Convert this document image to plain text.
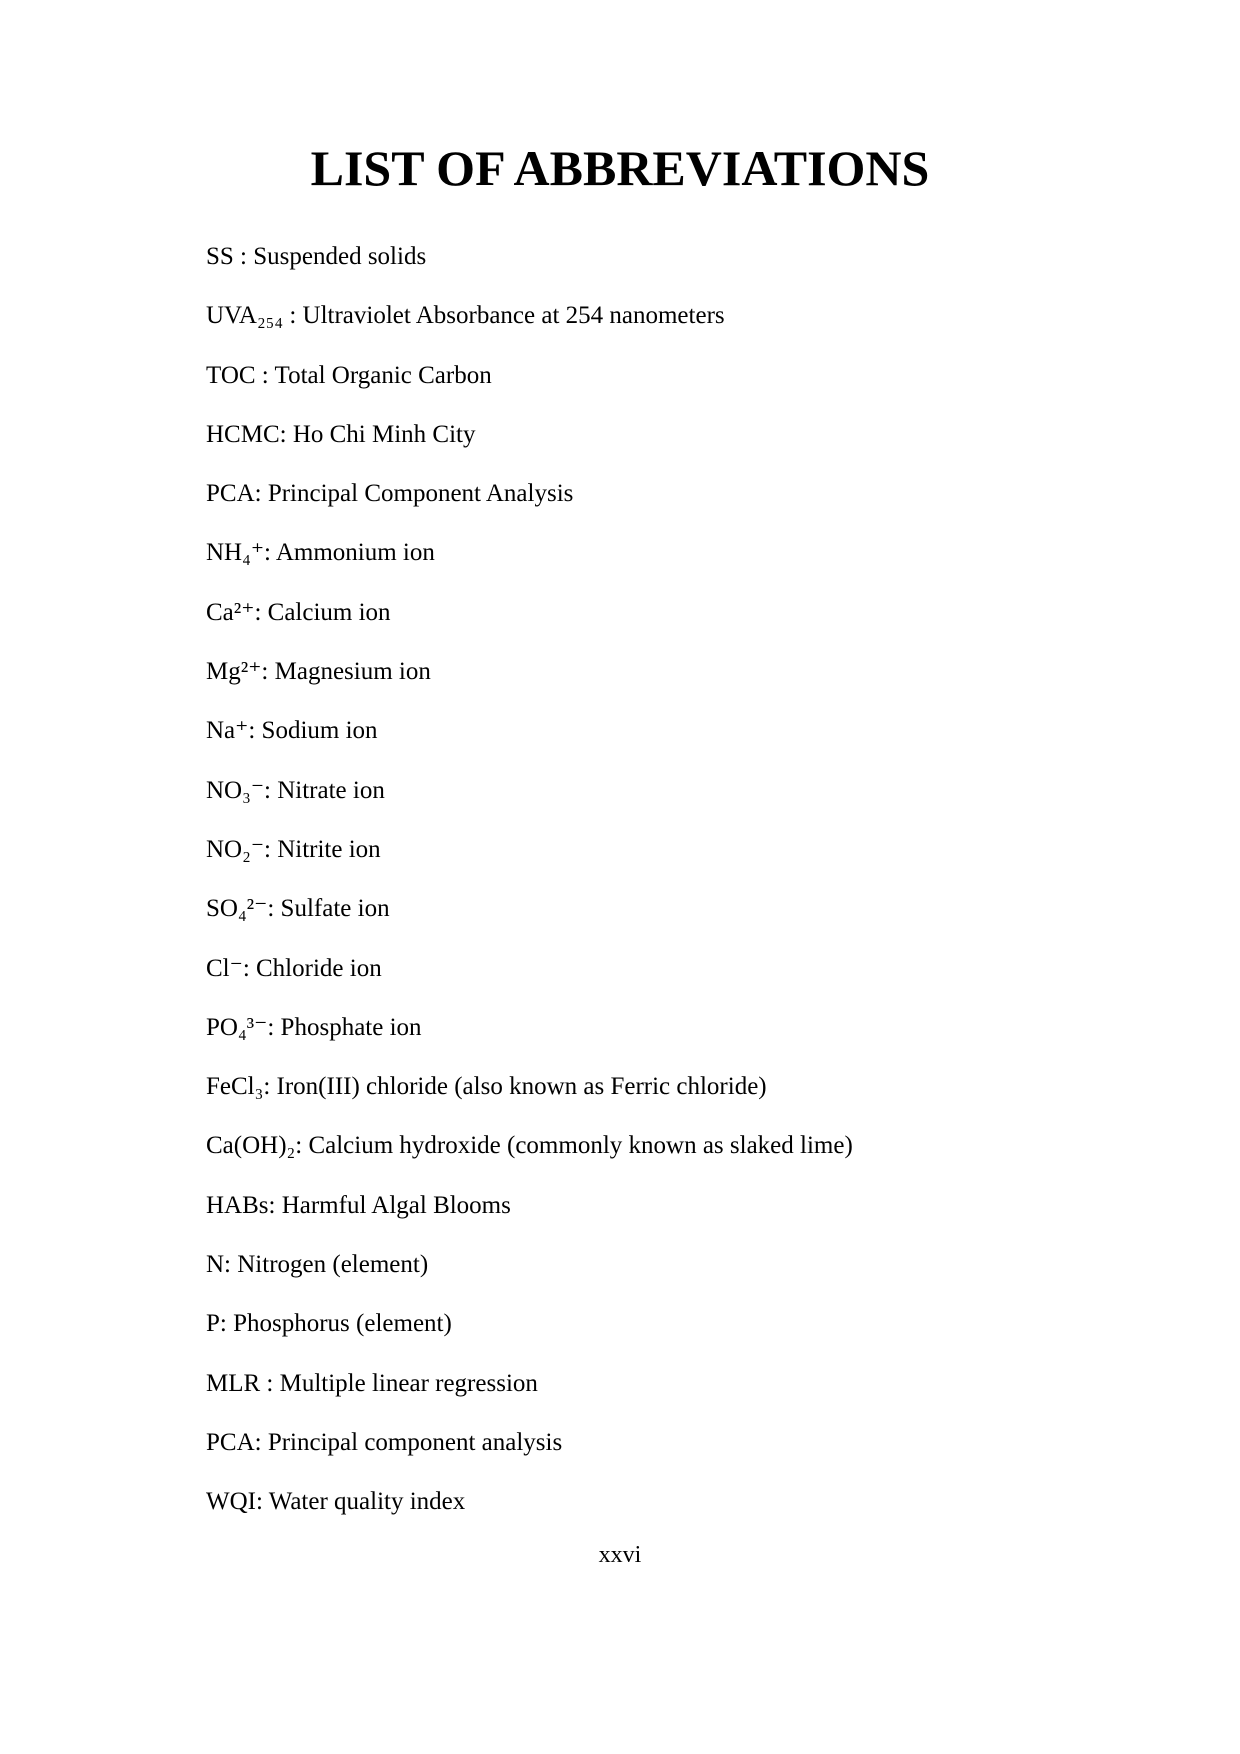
LIST OF ABBREVIATIONS
SS : Suspended solids
UVA₂₅₄ : Ultraviolet Absorbance at 254 nanometers
TOC : Total Organic Carbon
HCMC: Ho Chi Minh City
PCA: Principal Component Analysis
NH₄⁺: Ammonium ion
Ca²⁺: Calcium ion
Mg²⁺: Magnesium ion
Na⁺: Sodium ion
NO₃⁻: Nitrate ion
NO₂⁻: Nitrite ion
SO₄²⁻: Sulfate ion
Cl⁻: Chloride ion
PO₄³⁻: Phosphate ion
FeCl₃: Iron(III) chloride (also known as Ferric chloride)
Ca(OH)₂: Calcium hydroxide (commonly known as slaked lime)
HABs: Harmful Algal Blooms
N: Nitrogen (element)
P: Phosphorus (element)
MLR : Multiple linear regression
PCA: Principal component analysis
WQI: Water quality index
xxvi
